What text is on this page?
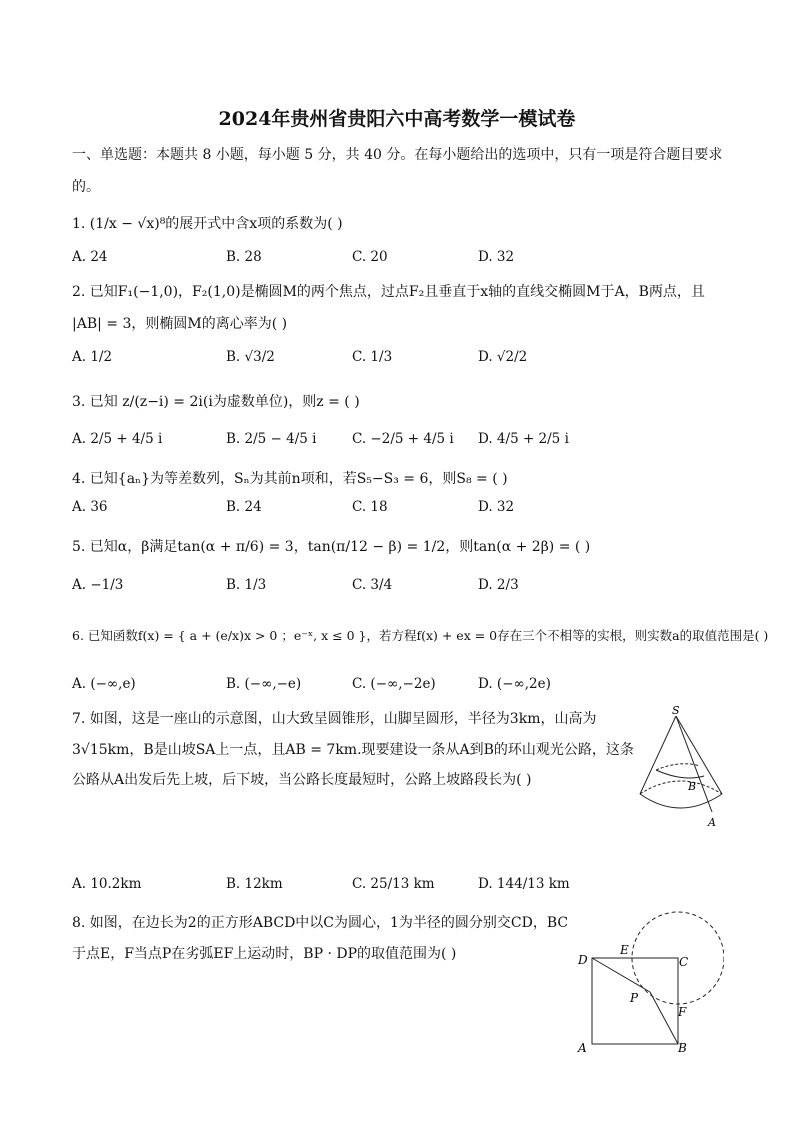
2024年贵州省贵阳六中高考数学一模试卷
一、单选题：本题共 8 小题，每小题 5 分，共 40 分。在每小题给出的选项中，只有一项是符合题目要求
的。
1. (1/x − √x)⁸的展开式中含x项的系数为( )
A. 24	B. 28	C. 20	D. 32
2. 已知F₁(−1,0)，F₂(1,0)是椭圆M的两个焦点，过点F₂且垂直于x轴的直线交椭圆M于A，B两点，且
|AB| = 3，则椭圆M的离心率为( )
A. 1/2	B. √3/2	C. 1/3	D. √2/2
3. 已知 z/(z−i) = 2i(i为虚数单位)，则z = ( )
A. 2/5 + 4/5 i	B. 2/5 − 4/5 i	C. −2/5 + 4/5 i D. 4/5 + 2/5 i
4. 已知{aₙ}为等差数列，Sₙ为其前n项和，若S₅−S₃ = 6，则S₈ = ( )
A. 36	B. 24	C. 18	D. 32
5. 已知α，β满足tan(α + π/6) = 3，tan(π/12 − β) = 1/2，则tan(α + 2β) = ( )
A. −1/3	B. 1/3	C. 3/4	D. 2/3
6. 已知函数f(x) = { a + (e/x)x > 0 ；e⁻ˣ, x ≤ 0 }，若方程f(x) + ex = 0存在三个不相等的实根，则实数a的取值范围是( )
A. (−∞,e)	B. (−∞,−e)	C. (−∞,−2e)	D. (−∞,2e)
7. 如图，这是一座山的示意图，山大致呈圆锥形，山脚呈圆形，半径为3km，山高为
3√15km，B是山坡SA上一点，且AB = 7km.现要建设一条从A到B的环山观光公路，这条
公路从A出发后先上坡，后下坡，当公路长度最短时，公路上坡路段长为( )
A. 10.2km	B. 12km	C. 25/13 km	D. 144/13 km
8. 如图，在边长为2的正方形ABCD中以C为圆心，1为半径的圆分别交CD，BC
于点E，F当点P在劣弧EF上运动时，BP · DP的取值范围为( )
S
B
A
D
E
C
P
F
A	B
